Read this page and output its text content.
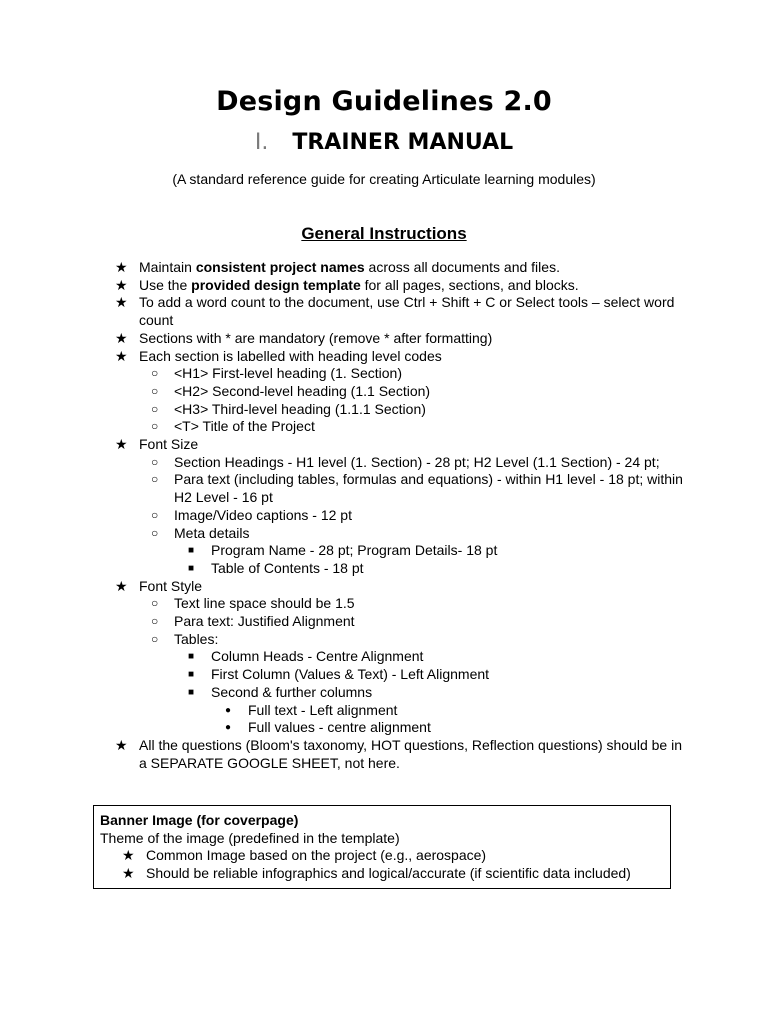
Design Guidelines 2.0
I. TRAINER MANUAL
(A standard reference guide for creating Articulate learning modules)
General Instructions
★ Maintain consistent project names across all documents and files.
★ Use the provided design template for all pages, sections, and blocks.
★ To add a word count to the document, use Ctrl + Shift + C or Select tools – select word count
★ Sections with * are mandatory (remove * after formatting)
★ Each section is labelled with heading level codes
○ <H1> First-level heading (1. Section)
○ <H2> Second-level heading (1.1 Section)
○ <H3> Third-level heading (1.1.1 Section)
○ <T> Title of the Project
★ Font Size
○ Section Headings - H1 level (1. Section) - 28 pt; H2 Level (1.1 Section) - 24 pt;
○ Para text (including tables, formulas and equations) - within H1 level - 18 pt; within H2 Level - 16 pt
○ Image/Video captions - 12 pt
○ Meta details
■ Program Name - 28 pt; Program Details- 18 pt
■ Table of Contents - 18 pt
★ Font Style
○ Text line space should be 1.5
○ Para text: Justified Alignment
○ Tables:
■ Column Heads - Centre Alignment
■ First Column (Values & Text) - Left Alignment
■ Second & further columns
● Full text - Left alignment
● Full values - centre alignment
★ All the questions (Bloom's taxonomy, HOT questions, Reflection questions) should be in a SEPARATE GOOGLE SHEET, not here.
Banner Image (for coverpage)
Theme of the image (predefined in the template)
★ Common Image based on the project (e.g., aerospace)
★ Should be reliable infographics and logical/accurate (if scientific data included)
